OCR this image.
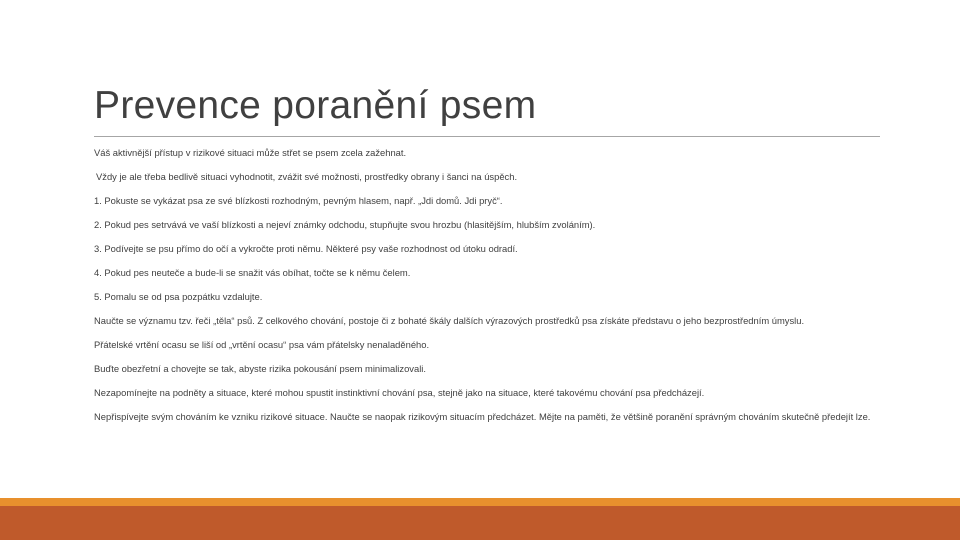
Prevence poranění psem

Váš aktivnější přístup v rizikové situaci může střet se psem zcela zažehnat.

Vždy je ale třeba bedlivě situaci vyhodnotit, zvážit své možnosti, prostředky obrany i šanci na úspěch.

1. Pokuste se vykázat psa ze své blízkosti rozhodným, pevným hlasem, např. „Jdi domů. Jdi pryč“.

2. Pokud pes setrvává ve vaší blízkosti a nejeví známky odchodu, stupňujte svou hrozbu (hlasitějším, hlubším zvoláním).

3. Podívejte se psu přímo do očí a vykročte proti němu. Některé psy vaše rozhodnost od útoku odradí.

4. Pokud pes neuteče a bude-li se snažit vás obíhat, točte se k němu čelem.

5. Pomalu se od psa pozpátku vzdalujte.

Naučte se významu tzv. řeči „těla“ psů. Z celkového chování, postoje či z bohaté škály dalších výrazových prostředků psa získáte představu o jeho bezprostředním úmyslu.

Přátelské vrtění ocasu se liší od „vrtění ocasu“ psa vám přátelsky nenaladěného.

Buďte obezřetní a chovejte se tak, abyste rizika pokousání psem minimalizovali.

Nezapomínejte na podněty a situace, které mohou spustit instinktivní chování psa, stejně jako na situace, které takovému chování psa předcházejí.

Nepřispívejte svým chováním ke vzniku rizikové situace. Naučte se naopak rizikovým situacím předcházet. Mějte na paměti, že většině poranění správným chováním skutečně předejít lze.
